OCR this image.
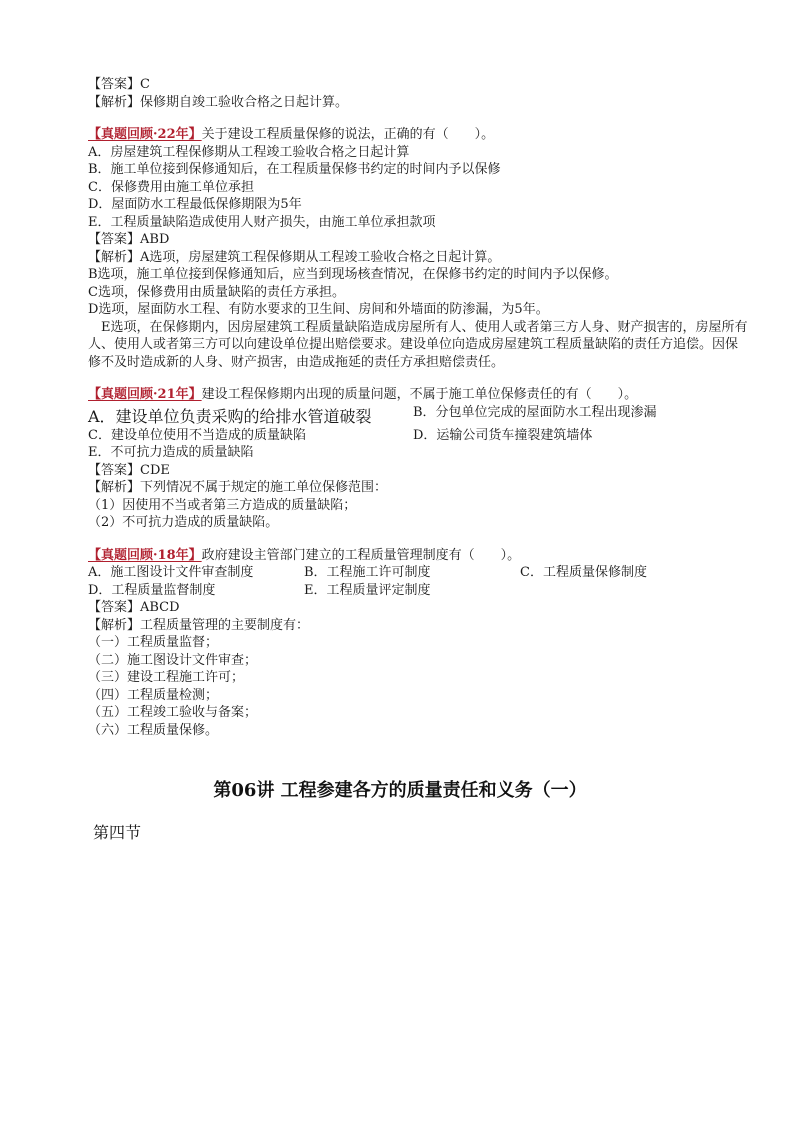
【答案】C

【解析】保修期自竣工验收合格之日起计算。

【真题回顾·22年】关于建设工程质量保修的说法，正确的有（　　）。

A．房屋建筑工程保修期从工程竣工验收合格之日起计算

B．施工单位接到保修通知后，在工程质量保修书约定的时间内予以保修

C．保修费用由施工单位承担

D．屋面防水工程最低保修期限为5年

E．工程质量缺陷造成使用人财产损失，由施工单位承担款项

【答案】ABD

【解析】A选项，房屋建筑工程保修期从工程竣工验收合格之日起计算。

B选项，施工单位接到保修通知后，应当到现场核查情况，在保修书约定的时间内予以保修。

C选项，保修费用由质量缺陷的责任方承担。

D选项，屋面防水工程、有防水要求的卫生间、房间和外墙面的防渗漏，为5年。

E选项，在保修期内，因房屋建筑工程质量缺陷造成房屋所有人、使用人或者第三方人身、财产损害的，房屋所有人、使用人或者第三方可以向建设单位提出赔偿要求。建设单位向造成房屋建筑工程质量缺陷的责任方追偿。因保修不及时造成新的人身、财产损害，由造成拖延的责任方承担赔偿责任。

【真题回顾·21年】建设工程保修期内出现的质量问题，不属于施工单位保修责任的有（　　）。

A．建设单位负责采购的给排水管道破裂	B．分包单位完成的屋面防水工程出现渗漏
C．建设单位使用不当造成的质量缺陷	D．运输公司货车撞裂建筑墙体

E．不可抗力造成的质量缺陷

【答案】CDE

【解析】下列情况不属于规定的施工单位保修范围：

（1）因使用不当或者第三方造成的质量缺陷；

（2）不可抗力造成的质量缺陷。

【真题回顾·18年】政府建设主管部门建立的工程质量管理制度有（　　）。

A．施工图设计文件审查制度	B．工程施工许可制度	C．工程质量保修制度
D．工程质量监督制度	E．工程质量评定制度

【答案】ABCD

【解析】工程质量管理的主要制度有：

（一）工程质量监督；

（二）施工图设计文件审查；

（三）建设工程施工许可；

（四）工程质量检测；

（五）工程竣工验收与备案；

（六）工程质量保修。

第06讲 工程参建各方的质量责任和义务（一）
第四节
